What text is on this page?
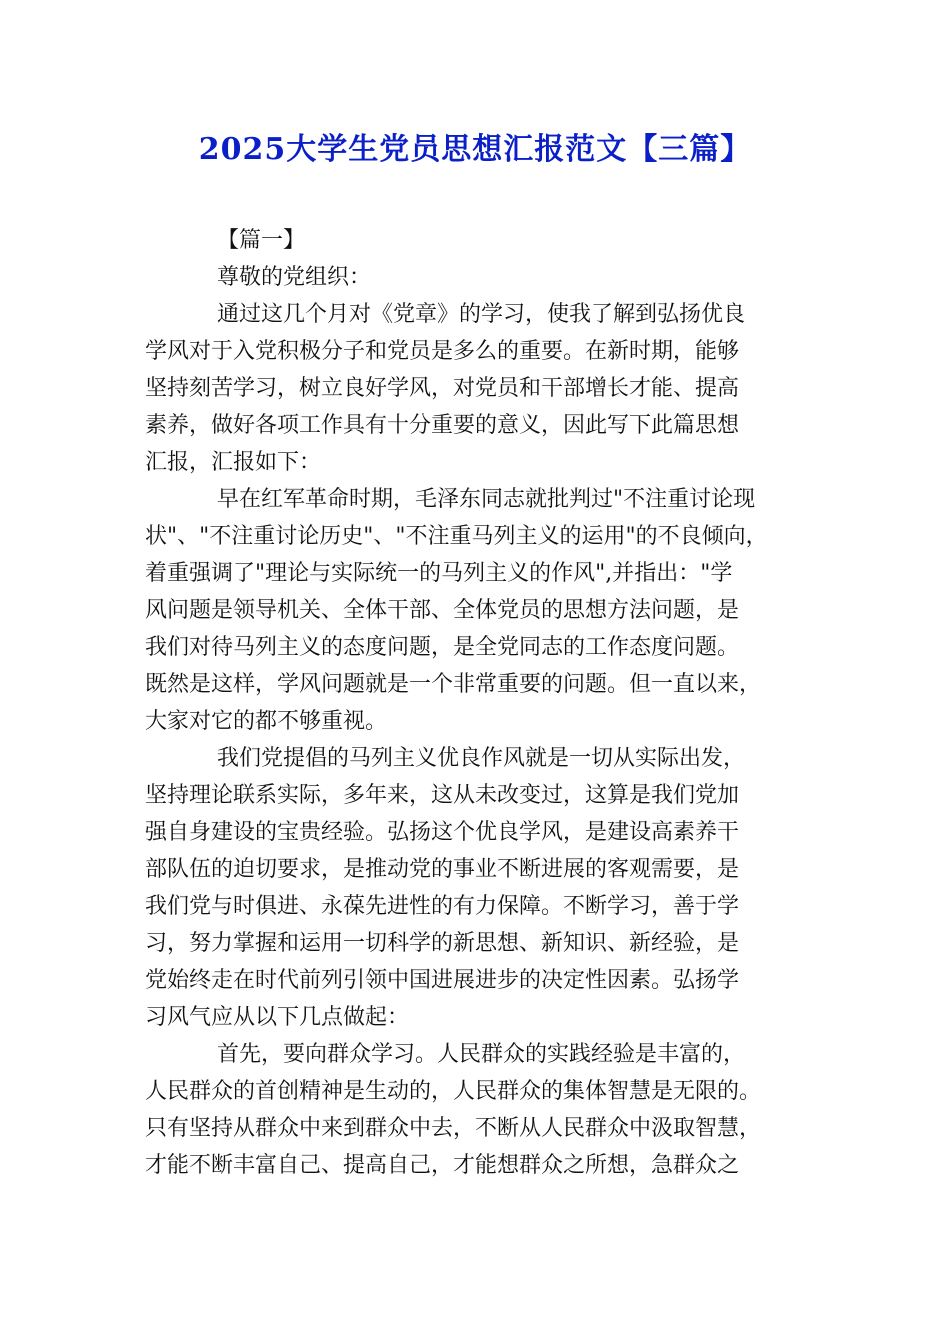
2025大学生党员思想汇报范文【三篇】
【篇一】
尊敬的党组织：
通过这几个月对《党章》的学习，使我了解到弘扬优良
学风对于入党积极分子和党员是多么的重要。在新时期，能够
坚持刻苦学习，树立良好学风，对党员和干部增长才能、提高
素养，做好各项工作具有十分重要的意义，因此写下此篇思想
汇报，汇报如下：
早在红军革命时期，毛泽东同志就批判过"不注重讨论现
状"、"不注重讨论历史"、"不注重马列主义的运用"的不良倾向，
着重强调了"理论与实际统一的马列主义的作风",并指出："学
风问题是领导机关、全体干部、全体党员的思想方法问题，是
我们对待马列主义的态度问题，是全党同志的工作态度问题。
既然是这样，学风问题就是一个非常重要的问题。但一直以来，
大家对它的都不够重视。
我们党提倡的马列主义优良作风就是一切从实际出发，
坚持理论联系实际，多年来，这从未改变过，这算是我们党加
强自身建设的宝贵经验。弘扬这个优良学风，是建设高素养干
部队伍的迫切要求，是推动党的事业不断进展的客观需要，是
我们党与时俱进、永葆先进性的有力保障。不断学习，善于学
习，努力掌握和运用一切科学的新思想、新知识、新经验，是
党始终走在时代前列引领中国进展进步的决定性因素。弘扬学
习风气应从以下几点做起：
首先，要向群众学习。人民群众的实践经验是丰富的，
人民群众的首创精神是生动的，人民群众的集体智慧是无限的。
只有坚持从群众中来到群众中去，不断从人民群众中汲取智慧，
才能不断丰富自己、提高自己，才能想群众之所想，急群众之
